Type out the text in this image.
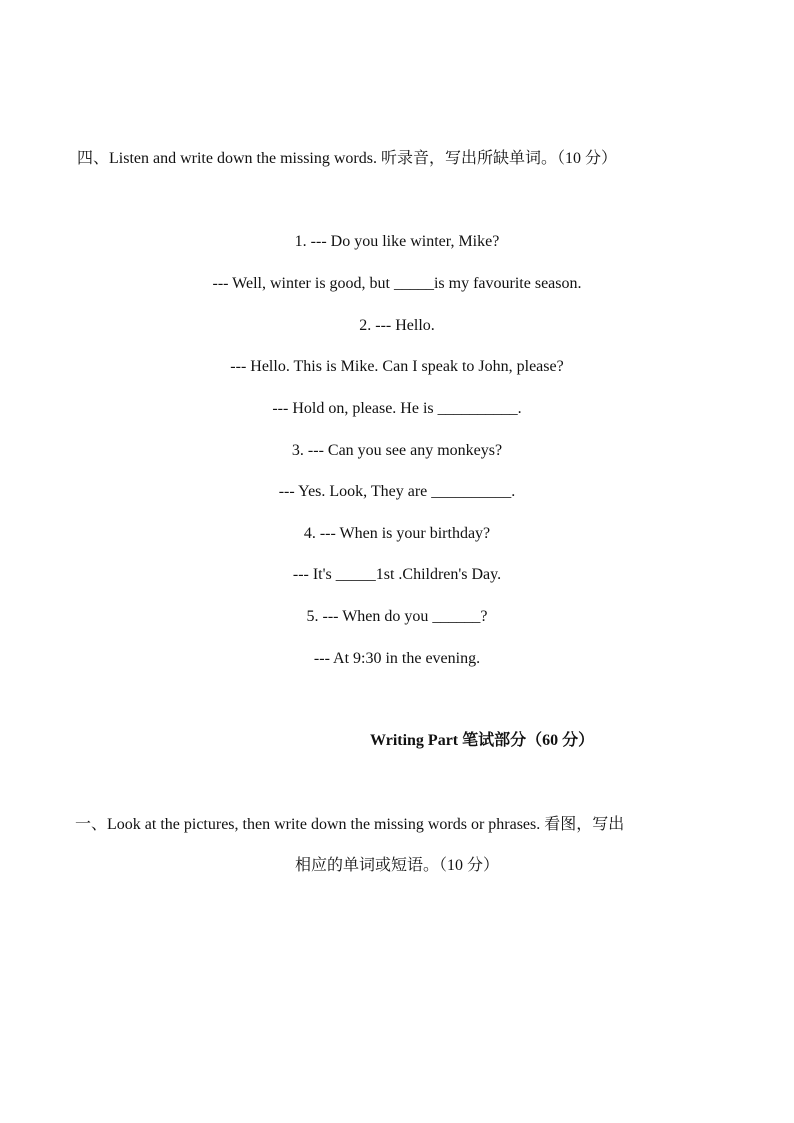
四、Listen and write down the missing words. 听录音，写出所缺单词。（10 分）
1. --- Do you like winter, Mike?
--- Well, winter is good, but _____is my favourite season.
2. --- Hello.
--- Hello. This is Mike. Can I speak to John, please?
--- Hold on, please. He is __________.
3. --- Can you see any monkeys?
--- Yes. Look, They are __________.
4. --- When is your birthday?
--- It's _____1st .Children's Day.
5. --- When do you ______?
--- At 9:30 in the evening.
Writing Part 笔试部分（60 分）
一、Look at the pictures, then write down the missing words or phrases. 看图，写出
相应的单词或短语。（10 分）
